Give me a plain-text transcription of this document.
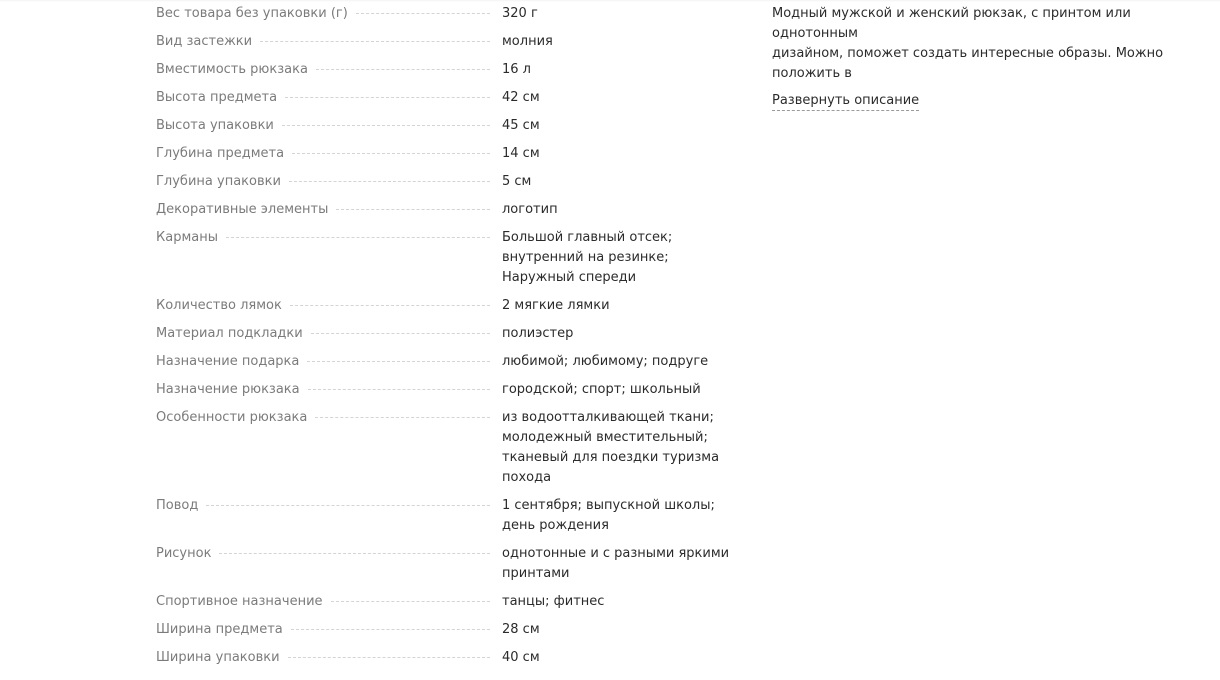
Вес товара без упаковки (г)	320 г
Вид застежки	молния
Вместимость рюкзака	16 л
Высота предмета	42 см
Высота упаковки	45 см
Глубина предмета	14 см
Глубина упаковки	5 см
Декоративные элементы	логотип
Карманы	Большой главный отсек;
внутренний на резинке;
Наружный спереди
Количество лямок	2 мягкие лямки
Материал подкладки	полиэстер
Назначение подарка	любимой; любимому; подруге
Назначение рюкзака	городской; спорт; школьный
Особенности рюкзака	из водоотталкивающей ткани;
молодежный вместительный;
тканевый для поездки туризма
похода
Повод	1 сентября; выпускной школы;
день рождения
Рисунок	однотонные и с разными яркими
принтами
Спортивное назначение	танцы; фитнес
Ширина предмета	28 см
Ширина упаковки	40 см
Модный мужской и женский рюкзак, с принтом или однотонным
дизайном, поможет создать интересные образы. Можно положить в
Развернуть описание
